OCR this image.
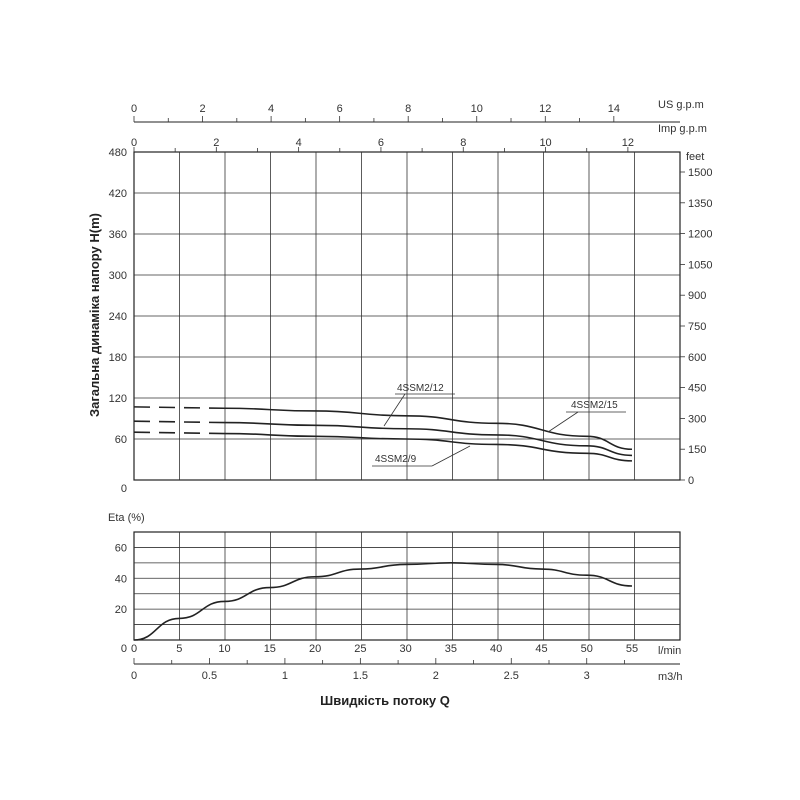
480
420
360
300
240
180
120
60
0
1500
1350
1200
1050
900
750
600
450
300
150
0
0	2	4	6	8	10	12	14
0	2	4	6	8	10	12
US g.p.m
Imp g.p.m
feet
Загальна динаміка напору H(m)	4SSM2/12
4SSM2/15
4SSM2/9
60
40
20
0 0	5	10	15	20	25	30	35	40	45	50	55
0	0.5	1	1.5	2	2.5	3
Eta (%)
l/min
m3/h
Швидкість потоку Q
